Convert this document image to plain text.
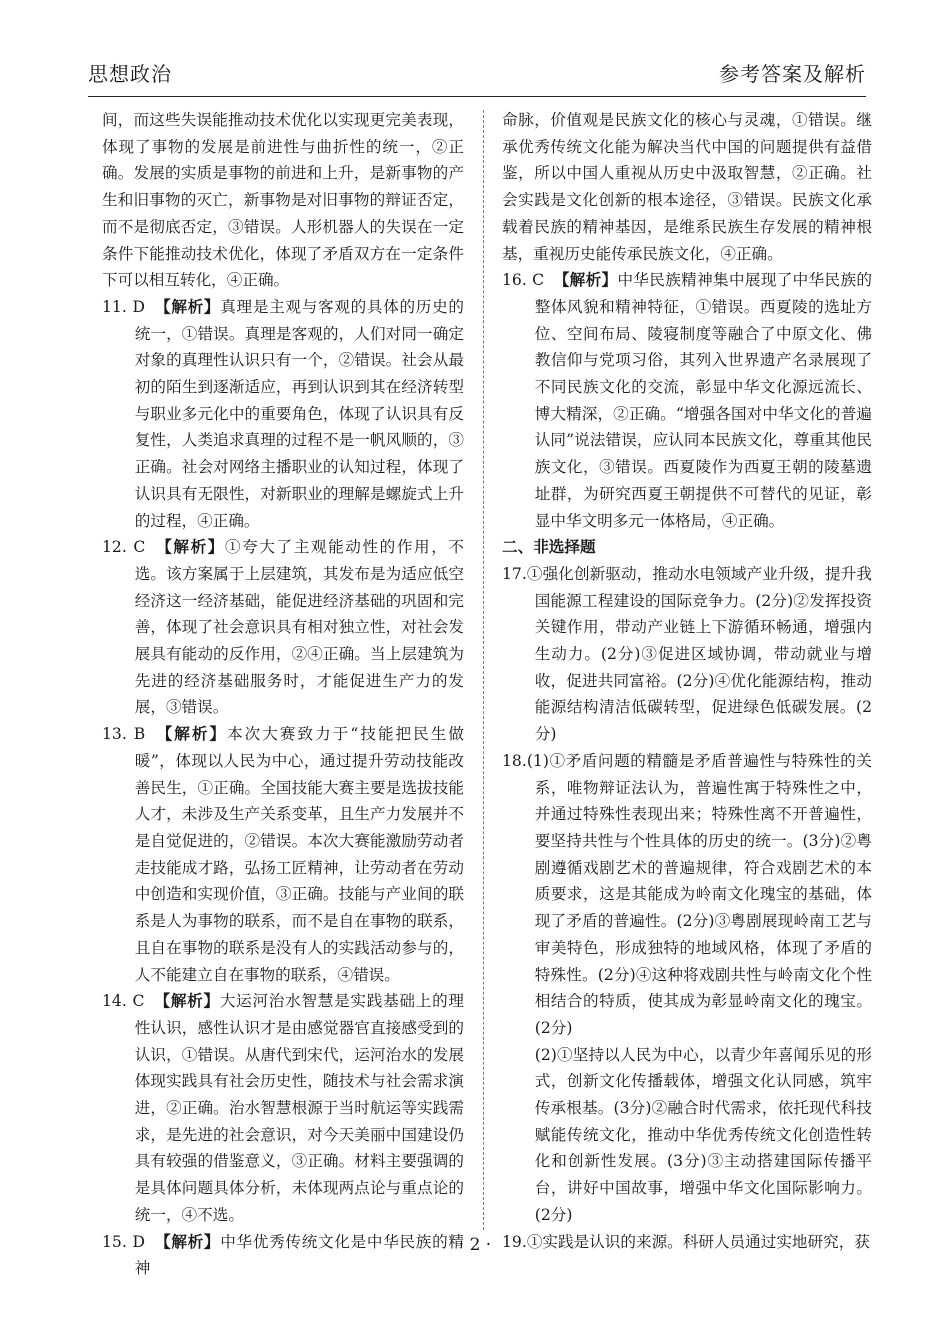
思想政治	参考答案及解析

间，而这些失误能推动技术优化以实现更完美表现，体现了事物的发展是前进性与曲折性的统一，②正确。发展的实质是事物的前进和上升，是新事物的产生和旧事物的灭亡，新事物是对旧事物的辩证否定，而不是彻底否定，③错误。人形机器人的失误在一定条件下能推动技术优化，体现了矛盾双方在一定条件下可以相互转化，④正确。

11. D 【解析】真理是主观与客观的具体的历史的统一，①错误。真理是客观的，人们对同一确定对象的真理性认识只有一个，②错误。社会从最初的陌生到逐渐适应，再到认识到其在经济转型与职业多元化中的重要角色，体现了认识具有反复性，人类追求真理的过程不是一帆风顺的，③正确。社会对网络主播职业的认知过程，体现了认识具有无限性，对新职业的理解是螺旋式上升的过程，④正确。

12. C 【解析】①夸大了主观能动性的作用，不选。该方案属于上层建筑，其发布是为适应低空经济这一经济基础，能促进经济基础的巩固和完善，体现了社会意识具有相对独立性，对社会发展具有能动的反作用，②④正确。当上层建筑为先进的经济基础服务时，才能促进生产力的发展，③错误。

13. B 【解析】本次大赛致力于“技能把民生做暖”，体现以人民为中心，通过提升劳动技能改善民生，①正确。全国技能大赛主要是选拔技能人才，未涉及生产关系变革，且生产力发展并不是自觉促进的，②错误。本次大赛能激励劳动者走技能成才路，弘扬工匠精神，让劳动者在劳动中创造和实现价值，③正确。技能与产业间的联系是人为事物的联系，而不是自在事物的联系，且自在事物的联系是没有人的实践活动参与的，人不能建立自在事物的联系，④错误。

14. C 【解析】大运河治水智慧是实践基础上的理性认识，感性认识才是由感觉器官直接感受到的认识，①错误。从唐代到宋代，运河治水的发展体现实践具有社会历史性，随技术与社会需求演进，②正确。治水智慧根源于当时航运等实践需求，是先进的社会意识，对今天美丽中国建设仍具有较强的借鉴意义，③正确。材料主要强调的是具体问题具体分析，未体现两点论与重点论的统一，④不选。

15. D 【解析】中华优秀传统文化是中华民族的精神

命脉，价值观是民族文化的核心与灵魂，①错误。继承优秀传统文化能为解决当代中国的问题提供有益借鉴，所以中国人重视从历史中汲取智慧，②正确。社会实践是文化创新的根本途径，③错误。民族文化承载着民族的精神基因，是维系民族生存发展的精神根基，重视历史能传承民族文化，④正确。

16. C 【解析】中华民族精神集中展现了中华民族的整体风貌和精神特征，①错误。西夏陵的选址方位、空间布局、陵寝制度等融合了中原文化、佛教信仰与党项习俗，其列入世界遗产名录展现了不同民族文化的交流，彰显中华文化源远流长、博大精深，②正确。“增强各国对中华文化的普遍认同”说法错误，应认同本民族文化，尊重其他民族文化，③错误。西夏陵作为西夏王朝的陵墓遗址群，为研究西夏王朝提供不可替代的见证，彰显中华文明多元一体格局，④正确。

二、非选择题

17.①强化创新驱动，推动水电领域产业升级，提升我国能源工程建设的国际竞争力。(2分)②发挥投资关键作用，带动产业链上下游循环畅通，增强内生动力。(2分)③促进区域协调，带动就业与增收，促进共同富裕。(2分)④优化能源结构，推动能源结构清洁低碳转型，促进绿色低碳发展。(2分)

18.(1)①矛盾问题的精髓是矛盾普遍性与特殊性的关系，唯物辩证法认为，普遍性寓于特殊性之中，并通过特殊性表现出来；特殊性离不开普遍性，要坚持共性与个性具体的历史的统一。(3分)②粤剧遵循戏剧艺术的普遍规律，符合戏剧艺术的本质要求，这是其能成为岭南文化瑰宝的基础，体现了矛盾的普遍性。(2分)③粤剧展现岭南工艺与审美特色，形成独特的地域风格，体现了矛盾的特殊性。(2分)④这种将戏剧共性与岭南文化个性相结合的特质，使其成为彰显岭南文化的瑰宝。(2分)

(2)①坚持以人民为中心，以青少年喜闻乐见的形式，创新文化传播载体，增强文化认同感，筑牢传承根基。(3分)②融合时代需求，依托现代科技赋能传统文化，推动中华优秀传统文化创造性转化和创新性发展。(3分)③主动搭建国际传播平台，讲好中国故事，增强中华文化国际影响力。(2分)

19.①实践是认识的来源。科研人员通过实地研究，获

· 2 ·
